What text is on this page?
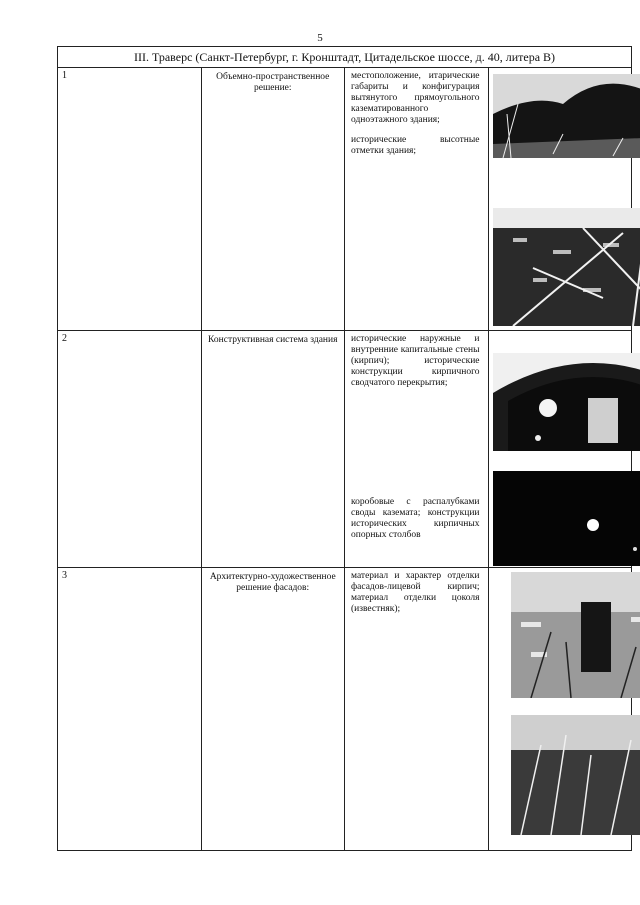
5
III. Траверс (Санкт-Петербург, г. Кронштадт, Цитадельское шоссе, д. 40, литера В)			
1	Объемно-пространственное решение:	местоположение, итарические габариты и конфигурация вытянутого прямоугольного казематированного одноэтажного здания;

исторические высотные отметки здания;

2	Конструктивная система здания	исторические наружные и внутренние капитальные стены (кирпич); исторические конструкции кирпичного сводчатого перекрытия;

коробовые с распалубками своды каземата; конструкции исторических кирпичных опорных столбов

3	Архитектурно-художественное решение фасадов:	материал и характер отделки фасадов-лицевой кирпич; материал отделки цоколя (известняк);
